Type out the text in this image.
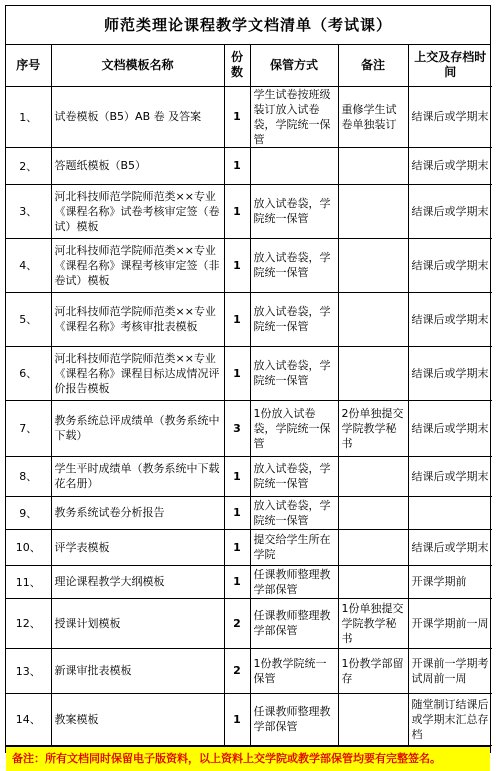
师范类理论课程教学文档清单（考试课）
序号	文档模板名称	份数	保管方式	备注	上交及存档时间
1、	试卷模板（B5）AB 卷 及答案	1	学生试卷按班级装订放入试卷袋，学院统一保管	重修学生试卷单独装订	结课后或学期末
2、	答题纸模板（B5）	1			结课后或学期末
3、	河北科技师范学院师范类××专业《课程名称》试卷考核审定签（卷试）模板	1	放入试卷袋，学院统一保管		结课后或学期末
4、	河北科技师范学院师范类××专业《课程名称》课程考核审定签（非卷试）模板	1	放入试卷袋，学院统一保管		结课后或学期末
5、	河北科技师范学院师范类××专业《课程名称》考核审批表模板	1	放入试卷袋，学院统一保管		结课后或学期末
6、	河北科技师范学院师范类××专业《课程名称》课程目标达成情况评价报告模板	1	放入试卷袋，学院统一保管		结课后或学期末
7、	教务系统总评成绩单（教务系统中下载）	3	1份放入试卷袋，学院统一保管	2份单独提交学院教学秘书	结课后或学期末
8、	学生平时成绩单（教务系统中下载花名册）	1	放入试卷袋，学院统一保管		结课后或学期末
9、	教务系统试卷分析报告	1	放入试卷袋，学院统一保管		
10、	评学表模板	1	提交给学生所在学院		结课后或学期末
11、	理论课程教学大纲模板	1	任课教师整理教学部保管		开课学期前
12、	授课计划模板	2	任课教师整理教学部保管	1份单独提交学院教学秘书	开课学期前一周
13、	新课审批表模板	2	1份教学院统一保管	1份教学部留存	开课前一学期考试周前一周
14、	教案模板	1	任课教师整理教学部保管		随堂制订结课后或学期末汇总存档
备注：所有文档同时保留电子版资料，以上资料上交学院或教学部保管均要有完整签名。
